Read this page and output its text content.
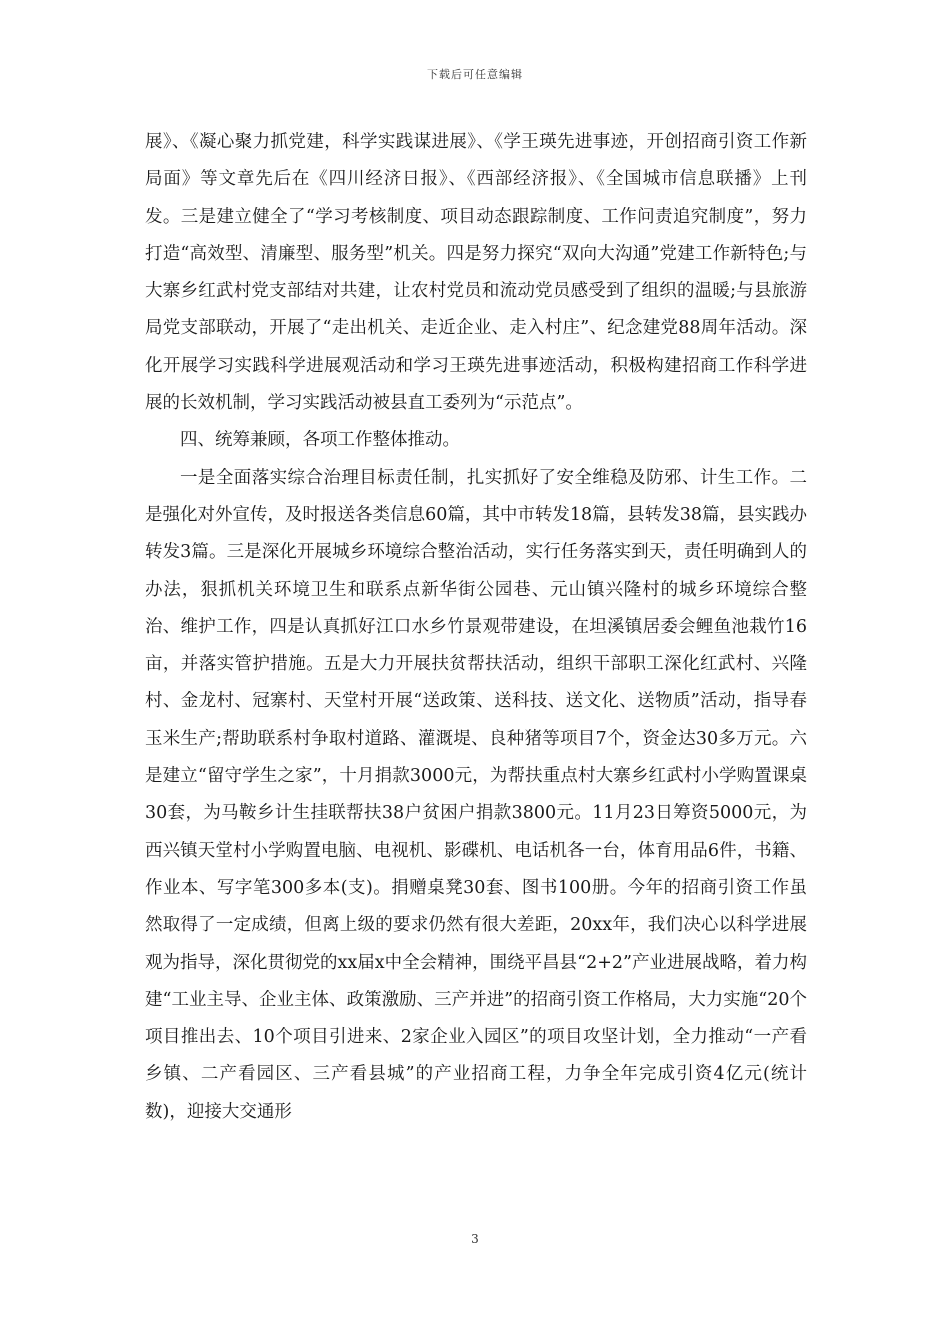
下载后可任意编辑

展》、《凝心聚力抓党建，科学实践谋进展》、《学王瑛先进事迹，开创招商引资工作新局面》等文章先后在《四川经济日报》、《西部经济报》、《全国城市信息联播》上刊发。三是建立健全了“学习考核制度、项目动态跟踪制度、工作问责追究制度”，努力打造“高效型、清廉型、服务型”机关。四是努力探究“双向大沟通”党建工作新特色;与大寨乡红武村党支部结对共建，让农村党员和流动党员感受到了组织的温暖;与县旅游局党支部联动，开展了“走出机关、走近企业、走入村庄”、纪念建党88周年活动。深化开展学习实践科学进展观活动和学习王瑛先进事迹活动，积极构建招商工作科学进展的长效机制，学习实践活动被县直工委列为“示范点”。

四、统筹兼顾，各项工作整体推动。

一是全面落实综合治理目标责任制，扎实抓好了安全维稳及防邪、计生工作。二是强化对外宣传，及时报送各类信息60篇，其中市转发18篇，县转发38篇，县实践办转发3篇。三是深化开展城乡环境综合整治活动，实行任务落实到天，责任明确到人的办法，狠抓机关环境卫生和联系点新华街公园巷、元山镇兴隆村的城乡环境综合整治、维护工作，四是认真抓好江口水乡竹景观带建设，在坦溪镇居委会鲤鱼池栽竹16亩，并落实管护措施。五是大力开展扶贫帮扶活动，组织干部职工深化红武村、兴隆村、金龙村、冠寨村、天堂村开展“送政策、送科技、送文化、送物质”活动，指导春玉米生产;帮助联系村争取村道路、灌溉堤、良种猪等项目7个，资金达30多万元。六是建立“留守学生之家”，十月捐款3000元，为帮扶重点村大寨乡红武村小学购置课桌30套，为马鞍乡计生挂联帮扶38户贫困户捐款3800元。11月23日筹资5000元，为西兴镇天堂村小学购置电脑、电视机、影碟机、电话机各一台，体育用品6件，书籍、作业本、写字笔300多本(支)。捐赠桌凳30套、图书100册。今年的招商引资工作虽然取得了一定成绩，但离上级的要求仍然有很大差距，20xx年，我们决心以科学进展观为指导，深化贯彻党的xx届x中全会精神，围绕平昌县“2+2”产业进展战略，着力构建“工业主导、企业主体、政策激励、三产并进”的招商引资工作格局，大力实施“20个项目推出去、10个项目引进来、2家企业入园区”的项目攻坚计划，全力推动“一产看乡镇、二产看园区、三产看县城”的产业招商工程，力争全年完成引资4亿元(统计数)，迎接大交通形

3
